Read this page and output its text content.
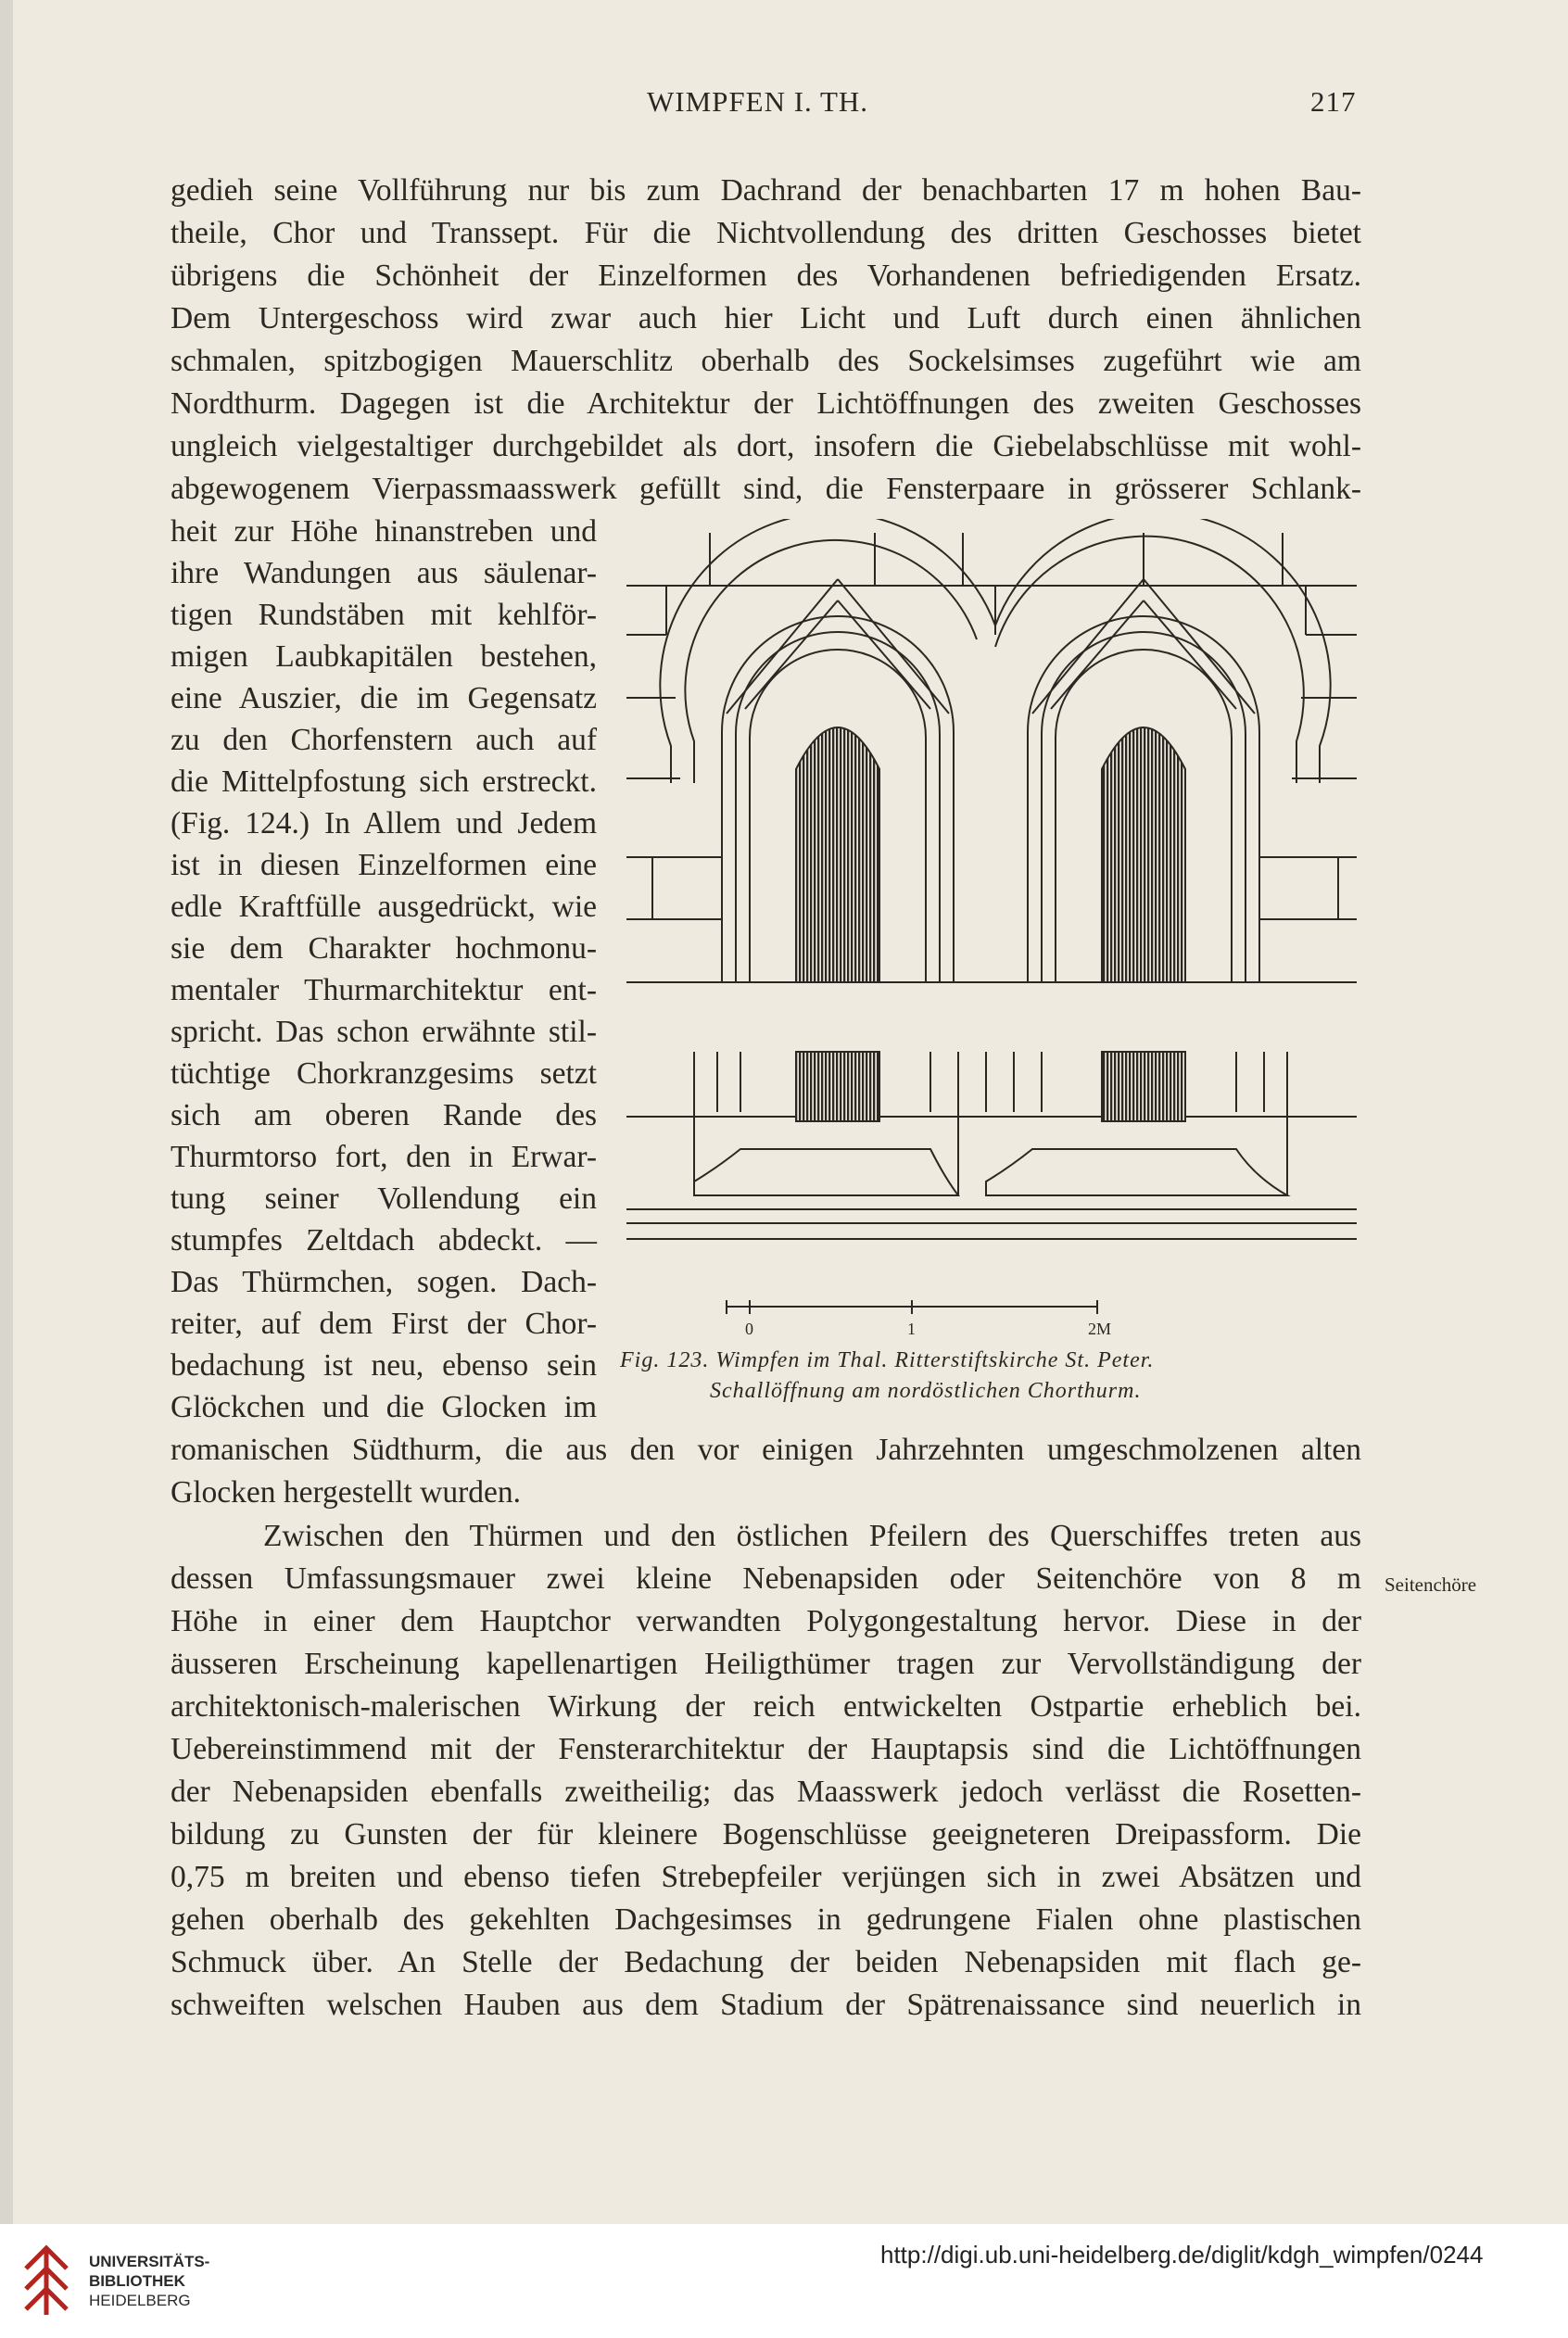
WIMPFEN I. TH.	217
gedieh seine Vollführung nur bis zum Dachrand der benachbarten 17 m hohen Bau-
theile, Chor und Transsept. Für die Nichtvollendung des dritten Geschosses bietet
übrigens die Schönheit der Einzelformen des Vorhandenen befriedigenden Ersatz.
Dem Untergeschoss wird zwar auch hier Licht und Luft durch einen ähnlichen
schmalen, spitzbogigen Mauerschlitz oberhalb des Sockelsimses zugeführt wie am
Nordthurm. Dagegen ist die Architektur der Lichtöffnungen des zweiten Geschosses
ungleich vielgestaltiger durchgebildet als dort, insofern die Giebelabschlüsse mit wohl-
abgewogenem Vierpassmaasswerk gefüllt sind, die Fensterpaare in grösserer Schlank-
heit zur Höhe hinanstreben und
ihre Wandungen aus säulenar-
tigen Rundstäben mit kehlför-
migen Laubkapitälen bestehen,
eine Auszier, die im Gegensatz
zu den Chorfenstern auch auf
die Mittelpfostung sich erstreckt.
(Fig. 124.) In Allem und Jedem
ist in diesen Einzelformen eine
edle Kraftfülle ausgedrückt, wie
sie dem Charakter hochmonu-
mentaler Thurmarchitektur ent-
spricht. Das schon erwähnte stil-
tüchtige Chorkranzgesims setzt
sich am oberen Rande des
Thurmtorso fort, den in Erwar-
tung seiner Vollendung ein
stumpfes Zeltdach abdeckt. —
Das Thürmchen, sogen. Dach-
reiter, auf dem First der Chor-
bedachung ist neu, ebenso sein
Glöckchen und die Glocken im
romanischen Südthurm, die aus den vor einigen Jahrzehnten umgeschmolzenen alten
Glocken hergestellt wurden.
Zwischen den Thürmen und den östlichen Pfeilern des Querschiffes treten aus
dessen Umfassungsmauer zwei kleine Nebenapsiden oder Seitenchöre von 8 m
Höhe in einer dem Hauptchor verwandten Polygongestaltung hervor. Diese in der
äusseren Erscheinung kapellenartigen Heiligthümer tragen zur Vervollständigung der
architektonisch-malerischen Wirkung der reich entwickelten Ostpartie erheblich bei.
Uebereinstimmend mit der Fensterarchitektur der Hauptapsis sind die Lichtöffnungen
der Nebenapsiden ebenfalls zweitheilig; das Maasswerk jedoch verlässt die Rosetten-
bildung zu Gunsten der für kleinere Bogenschlüsse geeigneteren Dreipassform. Die
0,75 m breiten und ebenso tiefen Strebepfeiler verjüngen sich in zwei Absätzen und
gehen oberhalb des gekehlten Dachgesimses in gedrungene Fialen ohne plastischen
Schmuck über. An Stelle der Bedachung der beiden Nebenapsiden mit flach ge-
schweiften welschen Hauben aus dem Stadium der Spätrenaissance sind neuerlich in
Seitenchöre
0	1	2M
Fig. 123. Wimpfen im Thal. Ritterstiftskirche St. Peter.
Schallöffnung am nordöstlichen Chorthurm.
UNIVERSITÄTS-
BIBLIOTHEK
HEIDELBERG
http://digi.ub.uni-heidelberg.de/diglit/kdgh_wimpfen/0244
